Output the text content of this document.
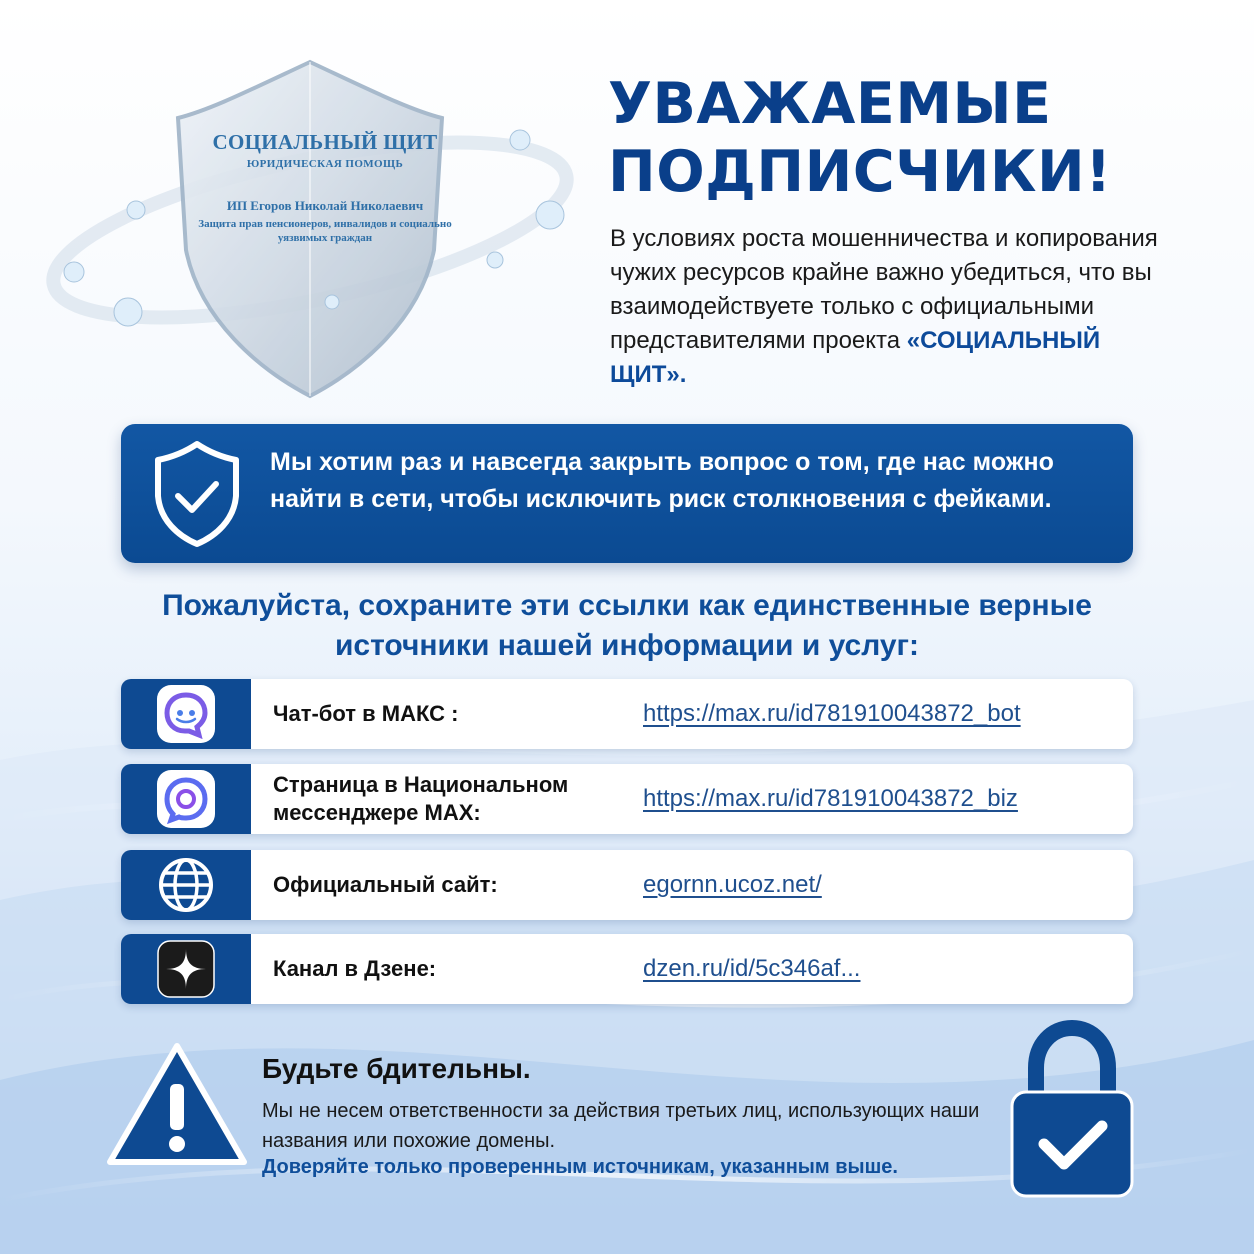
СОЦИАЛЬНЫЙ ЩИТ
ЮРИДИЧЕСКАЯ ПОМОЩЬ
ИП Егоров Николай Николаевич
Защита прав пенсионеров, инвалидов и социально уязвимых граждан
УВАЖАЕМЫЕ
ПОДПИСЧИКИ!

В условиях роста мошенничества и копирования чужих ресурсов крайне важно убедиться, что вы взаимодействуете только с официальными представителями проекта «СОЦИАЛЬНЫЙ ЩИТ».

Мы хотим раз и навсегда закрыть вопрос о том, где нас можно найти в сети, чтобы исключить риск столкновения с фейками.
Пожалуйста, сохраните эти ссылки как единственные верные источники нашей информации и услуг:
Чат-бот в МАКС :	https://max.ru/id781910043872_bot
Страница в Национальном мессенджере MAX:
https://max.ru/id781910043872_biz
Официальный сайт:	egornn.ucoz.net/
Канал в Дзене:	dzen.ru/id/5c346af...
Будьте бдительны.
Мы не несем ответственности за действия третьих лиц, использующих наши названия или похожие домены.
Доверяйте только проверенным источникам, указанным выше.
